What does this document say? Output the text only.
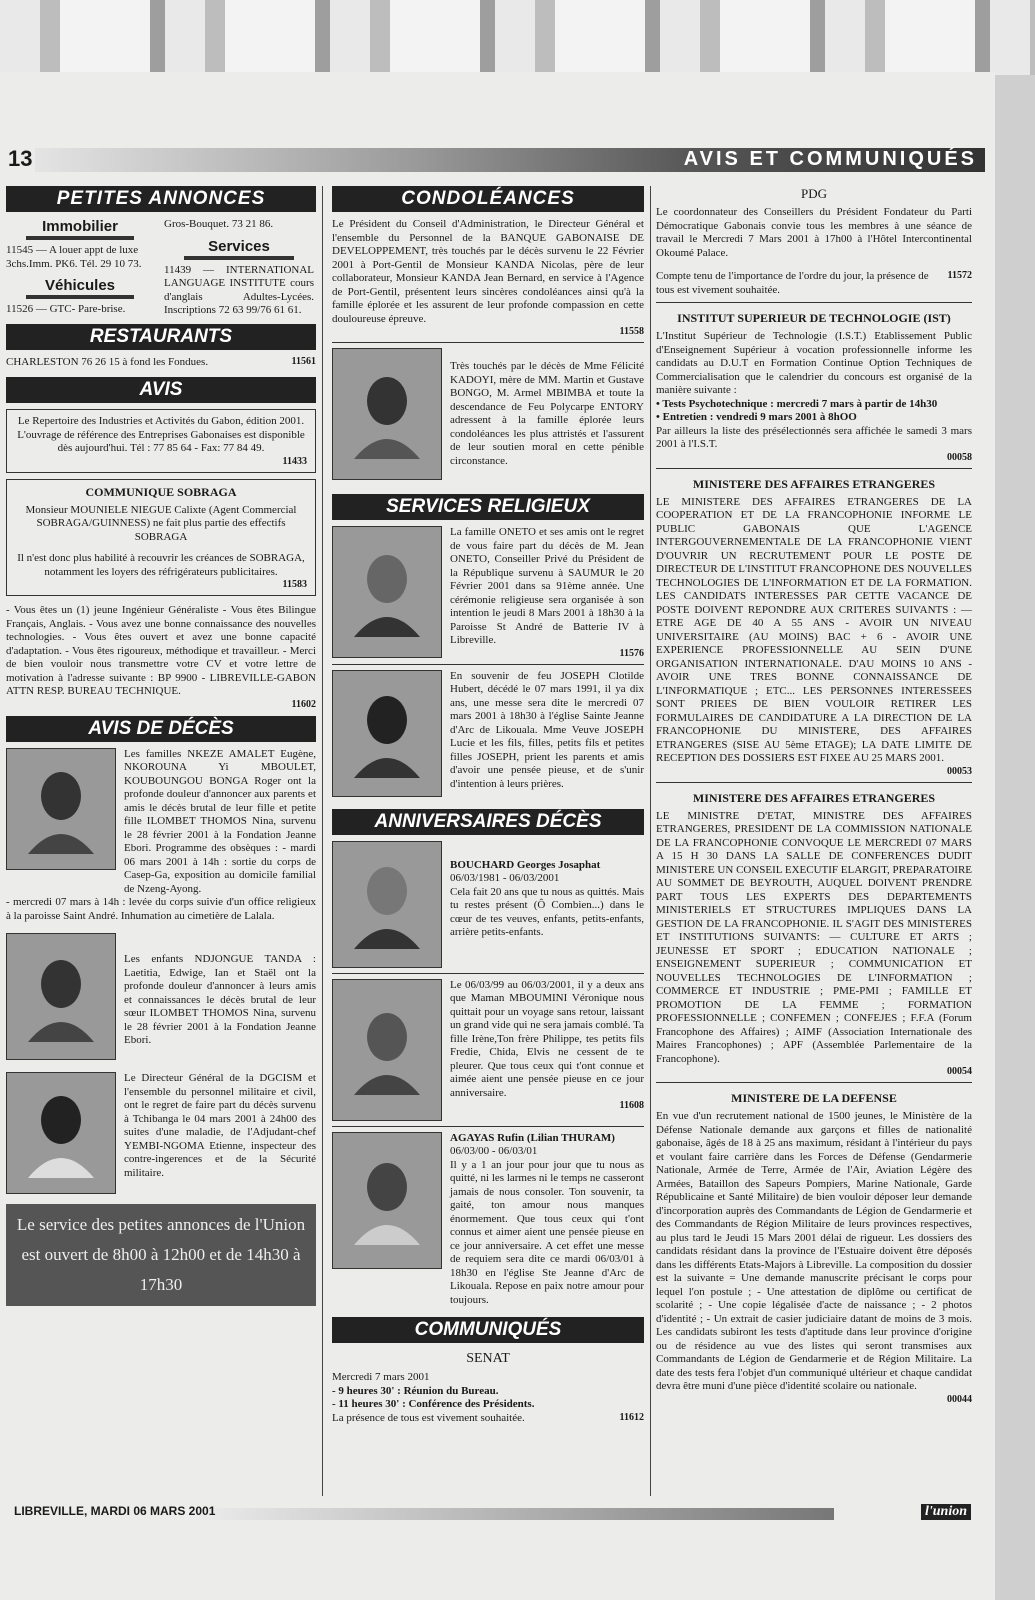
13	AVIS ET COMMUNIQUÉS
PETITES ANNONCES
Immobilier

11545 — A louer appt de luxe 3chs.Imm. PK6. Tél. 29 10 73.

Véhicules

11526 — GTC- Pare-brise.

Gros-Bouquet. 73 21 86.

Services

11439 — INTERNATIONAL LANGUAGE INSTITUTE cours d'anglais Adultes-Lycées. Inscriptions 72 63 99/76 61 61.

RESTAURANTS

CHARLESTON 76 26 15 à fond les Fondues.	11561
AVIS

Le Repertoire des Industries et Activités du Gabon, édition 2001. L'ouvrage de référence des Entreprises Gabonaises est disponible dès aujourd'hui. Tél : 77 85 64 - Fax: 77 84 49.

11433
COMMUNIQUE SOBRAGA

Monsieur MOUNIELE NIEGUE Calixte (Agent Commercial SOBRAGA/GUINNESS) ne fait plus partie des effectifs SOBRAGA

Il n'est donc plus habilité à recouvrir les créances de SOBRAGA, notamment les loyers des réfrigérateurs publicitaires.

11583

- Vous êtes un (1) jeune Ingénieur Généraliste - Vous êtes Bilingue Français, Anglais. - Vous avez une bonne connaissance des nouvelles technologies. - Vous êtes ouvert et avez une bonne capacité d'adaptation. - Vous êtes rigoureux, méthodique et travailleur. - Merci de bien vouloir nous transmettre votre CV et votre lettre de motivation à l'adresse suivante : BP 9900 - LIBREVILLE-GABON ATTN RESP. BUREAU TECHNIQUE.

11602
AVIS DE DÉCÈS

Les familles NKEZE AMALET Eugène, NKOROUNA Yi MBOULET, KOUBOUNGOU BONGA Roger ont la profonde douleur d'annoncer aux parents et amis le décès brutal de leur fille et petite fille ILOMBET THOMOS Nina, survenu le 28 février 2001 à la Fondation Jeanne Ebori. Programme des obsèques : - mardi 06 mars 2001 à 14h : sortie du corps de Casep-Ga, exposition au domicile familial de Nzeng-Ayong.

- mercredi 07 mars à 14h : levée du corps suivie d'un office religieux à la paroisse Saint André. Inhumation au cimetière de Lalala.

Les enfants NDJONGUE TANDA : Laetitia, Edwige, Ian et Staël ont la profonde douleur d'annoncer à leurs amis et connaissances le décès brutal de leur sœur ILOMBET THOMOS Nina, survenu le 28 février 2001 à la Fondation Jeanne Ebori.

Le Directeur Général de la DGCISM et l'ensemble du personnel militaire et civil, ont le regret de faire part du décès survenu à Tchibanga le 04 mars 2001 à 24h00 des suites d'une maladie, de l'Adjudant-chef YEMBI-NGOMA Etienne, inspecteur des contre-ingerences et de la Sécurité militaire.

Le service des petites annonces de l'Union est ouvert de 8h00 à 12h00 et de 14h30 à 17h30
CONDOLÉANCES

Le Président du Conseil d'Administration, le Directeur Général et l'ensemble du Personnel de la BANQUE GABONAISE DE DEVELOPPEMENT, très touchés par le décès survenu le 22 Février 2001 à Port-Gentil de Monsieur KANDA Nicolas, père de leur collaborateur, Monsieur KANDA Jean Bernard, en service à l'Agence de Port-Gentil, présentent leurs sincères condoléances ainsi qu'à la famille éplorée et les assurent de leur profonde compassion en cette douloureuse épreuve.

11558

Très touchés par le décès de Mme Félicité KADOYI, mère de MM. Martin et Gustave BONGO, M. Armel MBIMBA et toute la descendance de Feu Polycarpe ENTORY adressent à la famille éplorée leurs condoléances les plus attristés et l'assurent de leur soutien moral en cette pénible circonstance.

SERVICES RELIGIEUX

La famille ONETO et ses amis ont le regret de vous faire part du décès de M. Jean ONETO, Conseiller Privé du Président de la République survenu à SAUMUR le 20 Février 2001 dans sa 91ème année. Une cérémonie religieuse sera organisée à son intention le jeudi 8 Mars 2001 à 18h30 à la Paroisse St André de Batterie IV à Libreville.

11576

En souvenir de feu JOSEPH Clotilde Hubert, décédé le 07 mars 1991, il ya dix ans, une messe sera dite le mercredi 07 mars 2001 à 18h30 à l'église Sainte Jeanne d'Arc de Likouala. Mme Veuve JOSEPH Lucie et les fils, filles, petits fils et petites filles JOSEPH, prient les parents et amis d'avoir une pensée pieuse, et de s'unir d'intention à leurs prières.

ANNIVERSAIRES DÉCÈS

BOUCHARD Georges Josaphat

06/03/1981 - 06/03/2001

Cela fait 20 ans que tu nous as quittés. Mais tu restes présent (Ô Combien...) dans le cœur de tes veuves, enfants, petits-enfants, arrière petits-enfants.

Le 06/03/99 au 06/03/2001, il y a deux ans que Maman MBOUMINI Véronique nous quittait pour un voyage sans retour, laissant un grand vide qui ne sera jamais comblé. Ta fille Irène,Ton frère Philippe, tes petits fils Fredie, Chida, Elvis ne cessent de te pleurer. Que tous ceux qui t'ont connue et aimée aient une pensée pieuse en ce jour anniversaire.

11608

AGAYAS Rufin (Lilian THURAM)

06/03/00 - 06/03/01

Il y a 1 an jour pour jour que tu nous as quitté, ni les larmes ni le temps ne casseront jamais de nous consoler. Ton souvenir, ta gaité, ton amour nous manques énormement. Que tous ceux qui t'ont connus et aimer aient une pensée pieuse en ce jour anniversaire. A cet effet une messe de requiem sera dite ce mardi 06/03/01 à 18h30 en l'église Ste Jeanne d'Arc de Likouala. Repose en paix notre amour pour toujours.

COMMUNIQUÉS
SENAT

Mercredi 7 mars 2001

- 9 heures 30' : Réunion du Bureau.

- 11 heures 30' : Conférence des Présidents.

La présence de tous est vivement souhaitée.	11612
PDG

Le coordonnateur des Conseillers du Président Fondateur du Parti Démocratique Gabonais convie tous les membres à une séance de travail le Mercredi 7 Mars 2001 à 17h00 à l'Hôtel Intercontinental Okoumé Palace.

Compte tenu de l'importance de l'ordre du jour, la présence de tous est vivement souhaitée.

11572
INSTITUT SUPERIEUR DE TECHNOLOGIE (IST)

L'Institut Supérieur de Technologie (I.S.T.) Etablissement Public d'Enseignement Supérieur à vocation professionnelle informe les candidats au D.U.T en Formation Continue Option Techniques de Commercialisation que le calendrier du concours est organisé de la manière suivante :

• Tests Psychotechnique : mercredi 7 mars à partir de 14h30

• Entretien : vendredi 9 mars 2001 à 8hOO

Par ailleurs la liste des présélectionnés sera affichée le samedi 3 mars 2001 à l'I.S.T.

00058
MINISTERE DES AFFAIRES ETRANGERES

LE MINISTERE DES AFFAIRES ETRANGERES DE LA COOPERATION ET DE LA FRANCOPHONIE INFORME LE PUBLIC GABONAIS QUE L'AGENCE INTERGOUVERNEMENTALE DE LA FRANCOPHONIE VIENT D'OUVRIR UN RECRUTEMENT POUR LE POSTE DE DIRECTEUR DE L'INSTITUT FRANCOPHONE DES NOUVELLES TECHNOLOGIES DE L'INFORMATION ET DE LA FORMATION. LES CANDIDATS INTERESSES PAR CETTE VACANCE DE POSTE DOIVENT REPONDRE AUX CRITERES SUIVANTS : — ETRE AGE DE 40 A 55 ANS - AVOIR UN NIVEAU UNIVERSITAIRE (AU MOINS) BAC + 6 - AVOIR UNE EXPERIENCE PROFESSIONNELLE AU SEIN D'UNE ORGANISATION INTERNATIONALE. D'AU MOINS 10 ANS - AVOIR UNE TRES BONNE CONNAISSANCE DE L'INFORMATIQUE ; ETC... LES PERSONNES INTERESSEES SONT PRIEES DE BIEN VOULOIR RETIRER LES FORMULAIRES DE CANDIDATURE A LA DIRECTION DE LA FRANCOPHONIE DU MINISTERE, DES AFFAIRES ETRANGERES (SISE AU 5ème ETAGE); LA DATE LIMITE DE RECEPTION DES DOSSIERS EST FIXEE AU 25 MARS 2001.

00053
MINISTERE DES AFFAIRES ETRANGERES

LE MINISTRE D'ETAT, MINISTRE DES AFFAIRES ETRANGERES, PRESIDENT DE LA COMMISSION NATIONALE DE LA FRANCOPHONIE CONVOQUE LE MERCREDI 07 MARS A 15 H 30 DANS LA SALLE DE CONFERENCES DUDIT MINISTERE UN CONSEIL EXECUTIF ELARGIT, PREPARATOIRE AU SOMMET DE BEYROUTH, AUQUEL DOIVENT PRENDRE PART TOUS LES EXPERTS DES DEPARTEMENTS MINISTERIELS ET STRUCTURES IMPLIQUES DANS LA GESTION DE LA FRANCOPHONIE. IL S'AGIT DES MINISTERES ET INSTITUTIONS SUIVANTS: — CULTURE ET ARTS ; JEUNESSE ET SPORT ; EDUCATION NATIONALE ; ENSEIGNEMENT SUPERIEUR ; COMMUNICATION ET NOUVELLES TECHNOLOGIES DE L'INFORMATION ; COMMERCE ET INDUSTRIE ; PME-PMI ; FAMILLE ET PROMOTION DE LA FEMME ; FORMATION PROFESSIONNELLE ; CONFEMEN ; CONFEJES ; F.F.A (Forum Francophone des Affaires) ; AIMF (Association Internationale des Maires Francophones) ; APF (Assemblée Parlementaire de la Francophone).

00054
MINISTERE DE LA DEFENSE

En vue d'un recrutement national de 1500 jeunes, le Ministère de la Défense Nationale demande aux garçons et filles de nationalité gabonaise, âgés de 18 à 25 ans maximum, résidant à l'intérieur du pays et voulant faire carrière dans les Forces de Défense (Gendarmerie Nationale, Armée de Terre, Armée de l'Air, Aviation Légère des Armées, Bataillon des Sapeurs Pompiers, Marine Nationale, Garde Républicaine et Santé Militaire) de bien vouloir déposer leur demande d'incorporation auprès des Commandants de Légion de Gendarmerie et des Commandants de Région Militaire de leurs provinces respectives, au plus tard le Jeudi 15 Mars 2001 délai de rigueur. Les dossiers des candidats résidant dans la province de l'Estuaire doivent être déposés dans les différents Etats-Majors à Libreville. La composition du dossier est la suivante = Une demande manuscrite précisant le corps pour lequel l'on postule ; - Une attestation de diplôme ou certificat de scolarité ; - Une copie légalisée d'acte de naissance ; - 2 photos d'identité ; - Un extrait de casier judiciaire datant de moins de 3 mois. Les candidats subiront les tests d'aptitude dans leur province d'origine ou de résidence au vue des listes qui seront transmises aux Commandants de Légion de Gendarmerie et de Région Militaire. La date des tests fera l'objet d'un communiqué ultérieur et chaque candidat devra être muni d'une pièce d'identité scolaire ou nationale.

00044
LIBREVILLE, MARDI 06 MARS 2001	l'union
